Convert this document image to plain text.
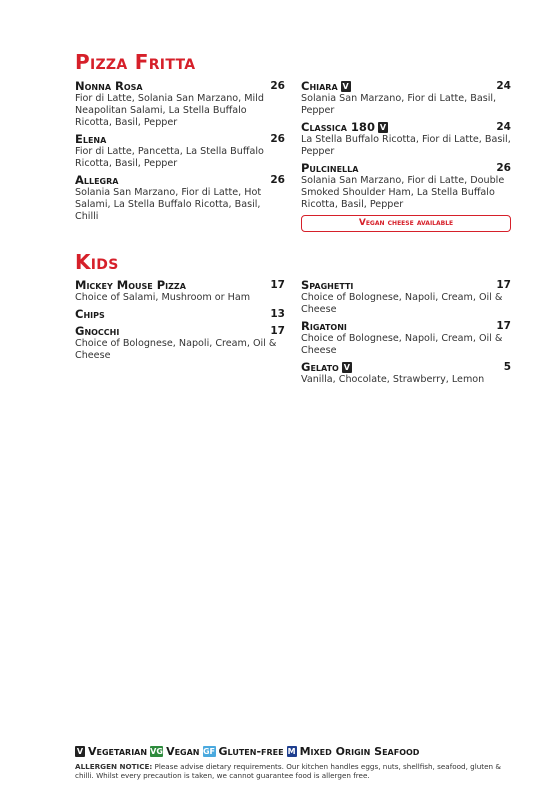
Pizza Fritta
Nonna Rosa	26
Fior di Latte, Solania San Marzano, Mild Neapolitan Salami, La Stella Buffalo Ricotta, Basil, Pepper
Elena	26
Fior di Latte, Pancetta, La Stella Buffalo Ricotta, Basil, Pepper
Allegra	26
Solania San Marzano, Fior di Latte, Hot Salami, La Stella Buffalo Ricotta, Basil, Chilli
Chiara V	24
Solania San Marzano, Fior di Latte, Basil, Pepper
Classica 180 V	24
La Stella Buffalo Ricotta, Fior di Latte, Basil, Pepper
Pulcinella	26
Solania San Marzano, Fior di Latte, Double Smoked Shoulder Ham, La Stella Buffalo Ricotta, Basil, Pepper
Vegan cheese available
Kids
Mickey Mouse Pizza	17
Choice of Salami, Mushroom or Ham
Chips	13
Gnocchi	17
Choice of Bolognese, Napoli, Cream, Oil & Cheese
Spaghetti	17
Choice of Bolognese, Napoli, Cream, Oil & Cheese
Rigatoni	17
Choice of Bolognese, Napoli, Cream, Oil & Cheese
Gelato V	5
Vanilla, Chocolate, Strawberry, Lemon
V Vegetarian VG Vegan GF Gluten-free M Mixed Origin Seafood
ALLERGEN NOTICE: Please advise dietary requirements. Our kitchen handles eggs, nuts, shellfish, seafood, gluten & chilli. Whilst every precaution is taken, we cannot guarantee food is allergen free.
